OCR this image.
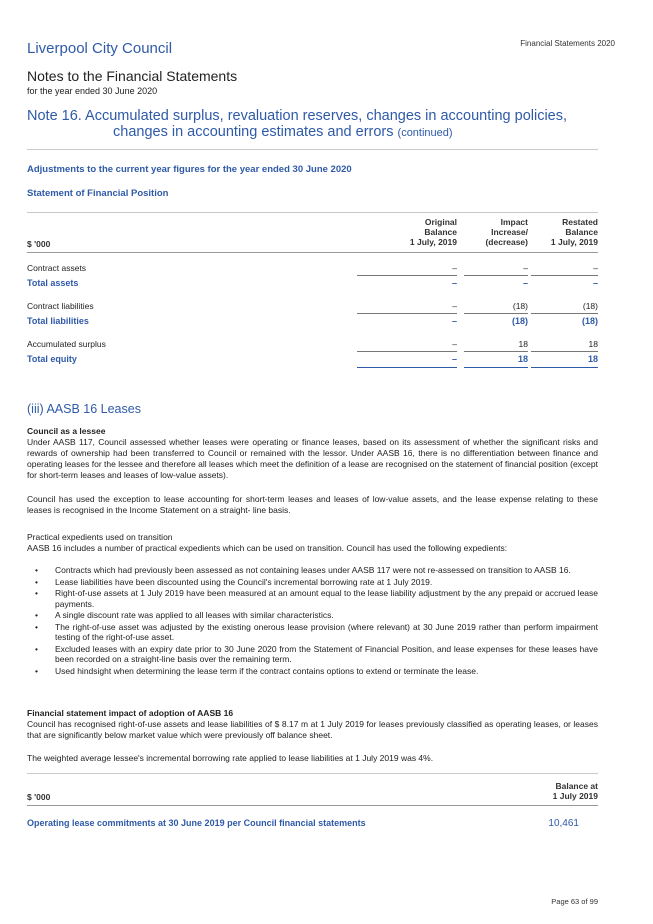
Liverpool City Council	Financial Statements 2020
Notes to the Financial Statements
for the year ended 30 June 2020
Note 16. Accumulated surplus, revaluation reserves, changes in accounting policies,
changes in accounting estimates and errors (continued)
Adjustments to the current year figures for the year ended 30 June 2020
Statement of Financial Position
$ '000
Original
Balance
1 July, 2019
Impact
Increase/
(decrease)
Restated
Balance
1 July, 2019
Contract assets	–	–	–
Total assets	–	–	–
Contract liabilities	–	(18)	(18)
Total liabilities	–	(18)	(18)
Accumulated surplus	–	18	18
Total equity	–	18	18
(iii) AASB 16 Leases
Council as a lessee
Under AASB 117, Council assessed whether leases were operating or finance leases, based on its assessment of whether the significant risks and rewards of ownership had been transferred to Council or remained with the lessor. Under AASB 16, there is no differentiation between finance and operating leases for the lessee and therefore all leases which meet the definition of a lease are recognised on the statement of financial position (except for short-term leases and leases of low-value assets).
Council has used the exception to lease accounting for short-term leases and leases of low-value assets, and the lease expense relating to these leases is recognised in the Income Statement on a straight- line basis.
Practical expedients used on transition
AASB 16 includes a number of practical expedients which can be used on transition. Council has used the following expedients:
• Contracts which had previously been assessed as not containing leases under AASB 117 were not re-assessed on transition to AASB 16.
• Lease liabilities have been discounted using the Council's incremental borrowing rate at 1 July 2019.
• Right-of-use assets at 1 July 2019 have been measured at an amount equal to the lease liability adjustment by the any prepaid or accrued lease payments.
• A single discount rate was applied to all leases with similar characteristics.
• The right-of-use asset was adjusted by the existing onerous lease provision (where relevant) at 30 June 2019 rather than perform impairment testing of the right-of-use asset.
• Excluded leases with an expiry date prior to 30 June 2020 from the Statement of Financial Position, and lease expenses for these leases have been recorded on a straight-line basis over the remaining term.
• Used hindsight when determining the lease term if the contract contains options to extend or terminate the lease.
Financial statement impact of adoption of AASB 16
Council has recognised right-of-use assets and lease liabilities of $ 8.17 m at 1 July 2019 for leases previously classified as operating leases, or leases that are significantly below market value which were previously off balance sheet.
The weighted average lessee's incremental borrowing rate applied to lease liabilities at 1 July 2019 was 4%.
$ '000
Balance at
1 July 2019
Operating lease commitments at 30 June 2019 per Council financial statements	10,461
Page 63 of 99
